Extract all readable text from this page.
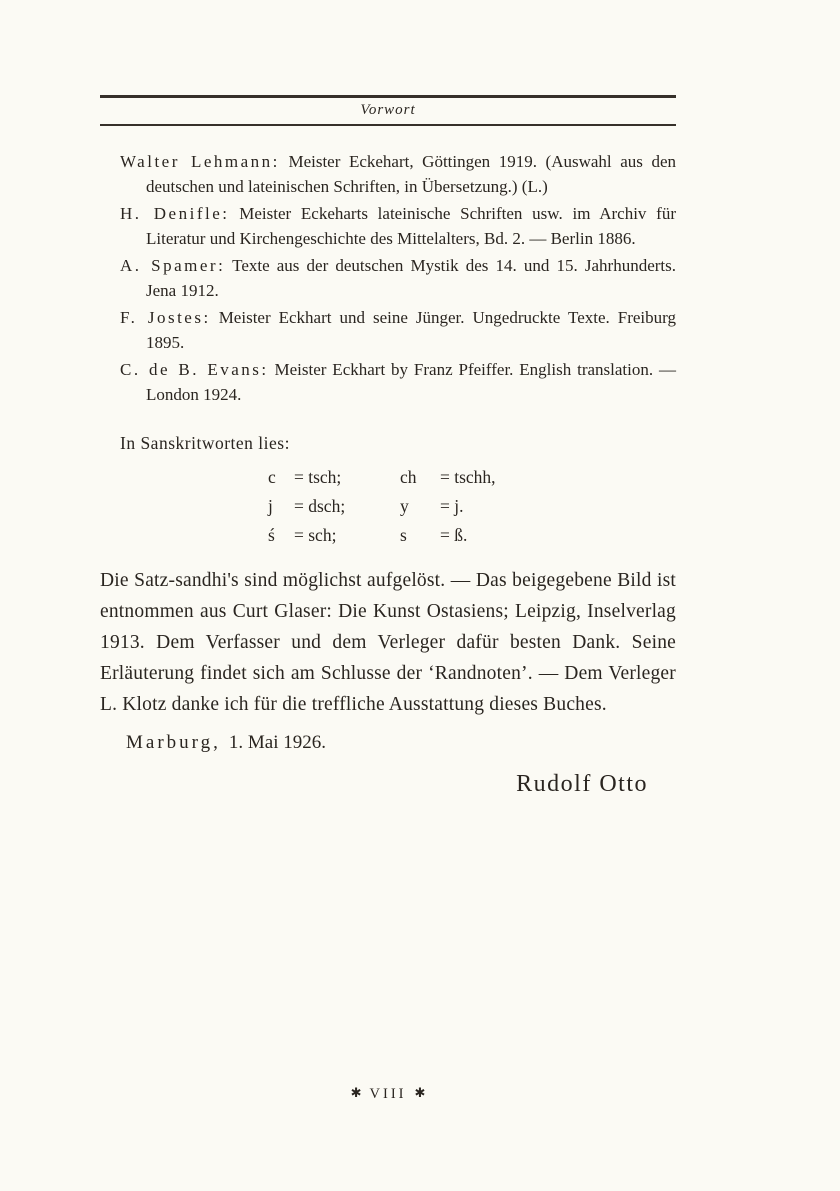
Vorwort

Walter Lehmann: Meister Eckehart, Göttingen 1919. (Auswahl aus den deutschen und lateinischen Schriften, in Übersetzung.) (L.)

H. Denifle: Meister Eckeharts lateinische Schriften usw. im Archiv für Literatur und Kirchengeschichte des Mittelalters, Bd. 2. — Berlin 1886.

A. Spamer: Texte aus der deutschen Mystik des 14. und 15. Jahrhunderts. Jena 1912.

F. Jostes: Meister Eckhart und seine Jünger. Ungedruckte Texte. Freiburg 1895.

C. de B. Evans: Meister Eckhart by Franz Pfeiffer. English translation. — London 1924.

In Sanskritworten lies:

c	= tsch;	ch	= tschh,
j	= dsch;	y	= j.
ś	= sch;	s	= ß.

Die Satz-sandhi's sind möglichst aufgelöst. — Das beigegebene Bild ist entnommen aus Curt Glaser: Die Kunst Ostasiens; Leipzig, Inselverlag 1913. Dem Verfasser und dem Verleger dafür besten Dank. Seine Erläuterung findet sich am Schlusse der ‘Randnoten’. — Dem Verleger L. Klotz danke ich für die treffliche Ausstattung dieses Buches.

Marburg, 1. Mai 1926.

Rudolf Otto

✱ VIII ✱
